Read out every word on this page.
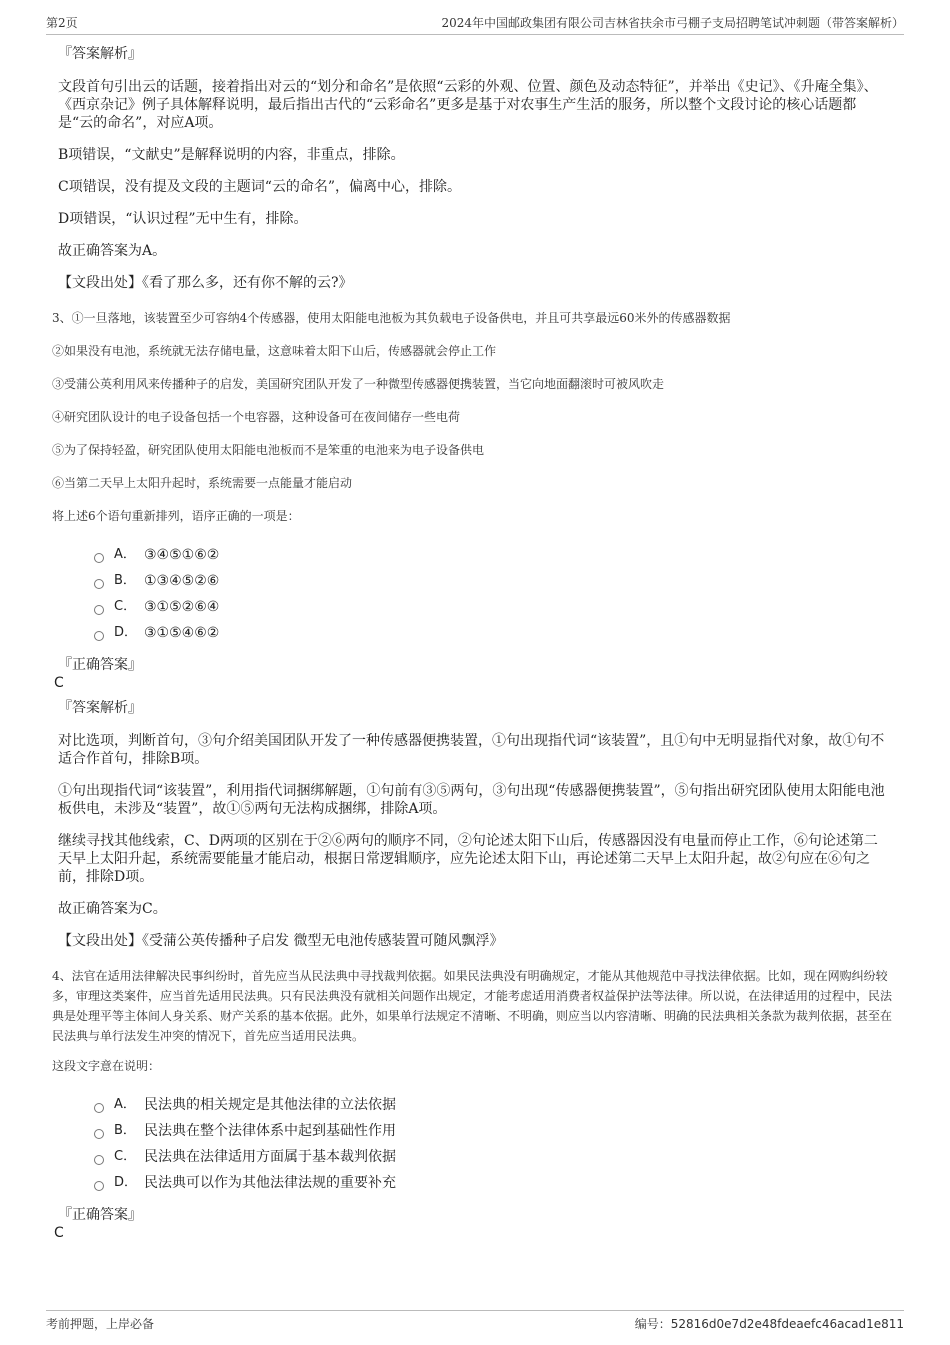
第2页	2024年中国邮政集团有限公司吉林省扶余市弓棚子支局招聘笔试冲刺题（带答案解析）
『答案解析』
文段首句引出云的话题，接着指出对云的“划分和命名”是依照“云彩的外观、位置、颜色及动态特征”，并举出《史记》、《升庵全集》、《西京杂记》例子具体解释说明，最后指出古代的“云彩命名”更多是基于对农事生产生活的服务，所以整个文段讨论的核心话题都是“云的命名”，对应A项。
B项错误，“文献史”是解释说明的内容，非重点，排除。
C项错误，没有提及文段的主题词“云的命名”，偏离中心，排除。
D项错误，“认识过程”无中生有，排除。
故正确答案为A。
【文段出处】《看了那么多，还有你不解的云?》
3、①一旦落地，该装置至少可容纳4个传感器，使用太阳能电池板为其负载电子设备供电，并且可共享最远60米外的传感器数据
②如果没有电池，系统就无法存储电量，这意味着太阳下山后，传感器就会停止工作
③受蒲公英利用风来传播种子的启发，美国研究团队开发了一种微型传感器便携装置，当它向地面翻滚时可被风吹走
④研究团队设计的电子设备包括一个电容器，这种设备可在夜间储存一些电荷
⑤为了保持轻盈，研究团队使用太阳能电池板而不是笨重的电池来为电子设备供电
⑥当第二天早上太阳升起时，系统需要一点能量才能启动
将上述6个语句重新排列，语序正确的一项是：
A． ③④⑤①⑥②
B． ①③④⑤②⑥
C． ③①⑤②⑥④
D． ③①⑤④⑥②
『正确答案』
C
『答案解析』
对比选项，判断首句，③句介绍美国团队开发了一种传感器便携装置，①句出现指代词“该装置”，且①句中无明显指代对象，故①句不适合作首句，排除B项。
①句出现指代词“该装置”，利用指代词捆绑解题，①句前有③⑤两句，③句出现“传感器便携装置”，⑤句指出研究团队使用太阳能电池板供电，未涉及“装置”，故①⑤两句无法构成捆绑，排除A项。
继续寻找其他线索，C、D两项的区别在于②⑥两句的顺序不同，②句论述太阳下山后，传感器因没有电量而停止工作，⑥句论述第二天早上太阳升起，系统需要能量才能启动，根据日常逻辑顺序，应先论述太阳下山，再论述第二天早上太阳升起，故②句应在⑥句之前，排除D项。
故正确答案为C。
【文段出处】《受蒲公英传播种子启发 微型无电池传感装置可随风飘浮》
4、法官在适用法律解决民事纠纷时，首先应当从民法典中寻找裁判依据。如果民法典没有明确规定，才能从其他规范中寻找法律依据。比如，现在网购纠纷较多，审理这类案件，应当首先适用民法典。只有民法典没有就相关问题作出规定，才能考虑适用消费者权益保护法等法律。所以说，在法律适用的过程中，民法典是处理平等主体间人身关系、财产关系的基本依据。此外，如果单行法规定不清晰、不明确，则应当以内容清晰、明确的民法典相关条款为裁判依据，甚至在民法典与单行法发生冲突的情况下，首先应当适用民法典。
这段文字意在说明：
A． 民法典的相关规定是其他法律的立法依据
B． 民法典在整个法律体系中起到基础性作用
C． 民法典在法律适用方面属于基本裁判依据
D． 民法典可以作为其他法律法规的重要补充
『正确答案』
C
考前押题，上岸必备	编号：52816d0e7d2e48fdeaefc46acad1e811
